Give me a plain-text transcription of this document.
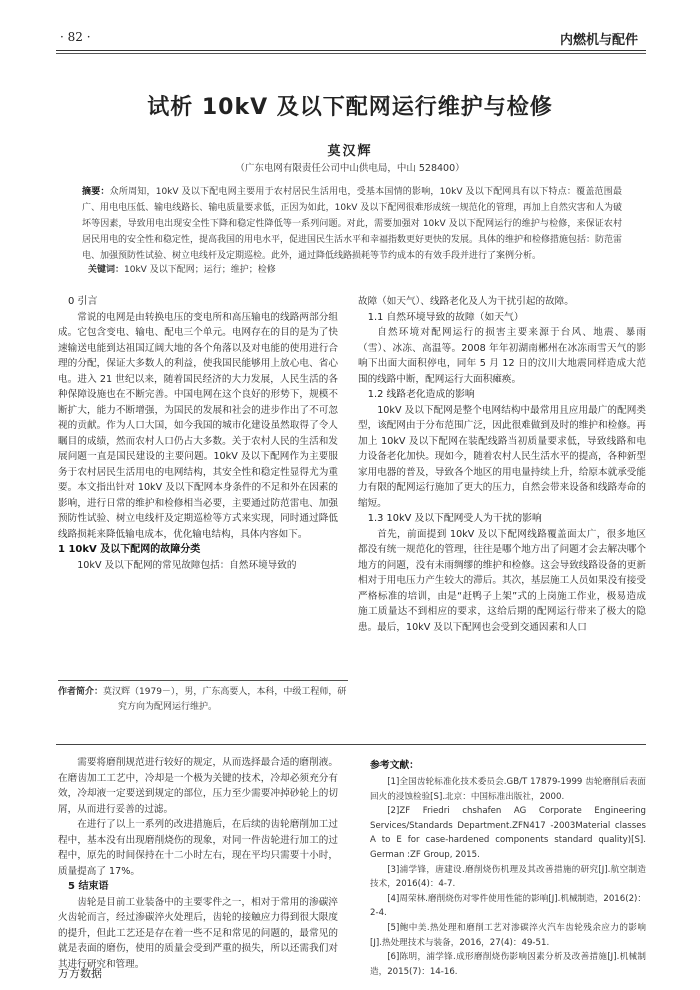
· 82 ·	内燃机与配件
试析 10kV 及以下配网运行维护与检修
莫汉辉
（广东电网有限责任公司中山供电局，中山 528400）
摘要：众所周知，10kV 及以下配电网主要用于农村居民生活用电，受基本国情的影响，10kV 及以下配网具有以下特点：覆盖范围最广、用电电压低、输电线路长、输电质量要求低，正因为如此，10kV 及以下配网很难形成统一规范化的管理，再加上自然灾害和人为破坏等因素，导致用电出现安全性下降和稳定性降低等一系列问题。对此，需要加强对 10kV 及以下配网运行的维护与检修，来保证农村居民用电的安全性和稳定性，提高我国的用电水平，促进国民生活水平和幸福指数更好更快的发展。具体的维护和检修措施包括：防范雷电、加强预防性试验、树立电线杆及定期巡检。此外，通过降低线路损耗等节约成本的有效手段并进行了案例分析。
关键词：10kV 及以下配网；运行；维护；检修

0 引言

常说的电网是由转换电压的变电所和高压输电的线路两部分组成。它包含变电、输电、配电三个单元。电网存在的目的是为了快速输送电能到达祖国辽阔大地的各个角落以及对电能的使用进行合理的分配，保证大多数人的利益，使我国民能够用上放心电、省心电。进入 21 世纪以来，随着国民经济的大力发展，人民生活的各种保障设施也在不断完善。中国电网在这个良好的形势下，规模不断扩大，能力不断增强，为国民的发展和社会的进步作出了不可忽视的贡献。作为人口大国，如今我国的城市化建设虽然取得了令人瞩目的成绩，然而农村人口仍占大多数。关于农村人民的生活和发展问题一直是国民建设的主要问题。10kV 及以下配网作为主要服务于农村居民生活用电的电网结构，其安全性和稳定性显得尤为重要。本文指出针对 10kV 及以下配网本身条件的不足和外在因素的影响，进行日常的维护和检修相当必要，主要通过防范雷电、加强预防性试验、树立电线杆及定期巡检等方式来实现，同时通过降低线路损耗来降低输电成本，优化输电结构，具体内容如下。

1 10kV 及以下配网的故障分类

10kV 及以下配网的常见故障包括：自然环境导致的

故障（如天气）、线路老化及人为干扰引起的故障。

1.1 自然环境导致的故障（如天气）

自然环境对配网运行的损害主要来源于台风、地震、暴雨（雪）、冰冻、高温等。2008 年年初湖南郴州在冰冻雨雪天气的影响下出面大面积停电，同年 5 月 12 日的汶川大地震同样造成大范围的线路中断，配网运行大面积瘫痪。

1.2 线路老化造成的影响

10kV 及以下配网是整个电网结构中最常用且应用最广的配网类型，该配网由于分布范围广泛，因此很难做到及时的维护和检修。再加上 10kV 及以下配网在装配线路当初质量要求低，导致线路和电力设备老化加快。现如今，随着农村人民生活水平的提高，各种新型家用电器的普及，导致各个地区的用电量持续上升，给原本就承受能力有限的配网运行施加了更大的压力，自然会带来设备和线路寿命的缩短。

1.3 10kV 及以下配网受人为干扰的影响

首先，前面提到 10kV 及以下配网线路覆盖面太广，很多地区都没有统一规范化的管理，往往是哪个地方出了问题才会去解决哪个地方的问题，没有未雨绸缪的维护和检修。这会导致线路设备的更新相对于用电压力产生较大的滞后。其次，基层施工人员如果没有接受严格标准的培训，由是“赶鸭子上架”式的上岗施工作业，极易造成施工质量达不到相应的要求，这给后期的配网运行带来了极大的隐患。最后，10kV 及以下配网也会受到交通因素和人口

作者简介：莫汉辉（1979－），男，广东高要人，本科，中级工程师，研
究方向为配网运行维护。

需要将磨削规范进行较好的规定，从而选择最合适的磨削液。在磨齿加工工艺中，冷却是一个极为关键的技术，冷却必须充分有效，冷却液一定要送到规定的部位，压力至少需要冲掉砂轮上的切屑，从而进行妥善的过滤。

在进行了以上一系列的改进措施后，在后续的齿轮磨削加工过程中，基本没有出现磨削烧伤的现象，对同一件齿轮进行加工的过程中，原先的时间保持在十二小时左右，现在平均只需要十小时，质量提高了 17%。

5 结束语

齿轮是目前工业装备中的主要零件之一，相对于常用的渗碳淬火齿轮而言，经过渗碳淬火处理后，齿轮的接触应力得到很大限度的提升，但此工艺还是存在着一些不足和常见的问题的，最常见的就是表面的磨伤，使用的质量会受到严重的损失，所以还需我们对其进行研究和管理。

参考文献：
[1]全国齿轮标准化技术委员会.GB/T 17879-1999 齿轮磨削后表面回火的浸蚀检验[S].北京：中国标准出版社，2000.
[2]ZF Friedri chshafen AG Corporate Engineering Services/Standards Department.ZFN417 -2003Material classes A to E for case-hardened components standard quality)[S]. German :ZF Group, 2015.
[3]浦学锋，唐建设.磨削烧伤机理及其改善措施的研究[J].航空制造技术，2016(4)：4-7.
[4]周荣林.磨削烧伤对零件使用性能的影响[J].机械制造，2016(2)：2-4.
[5]鲍中美.热处理和磨削工艺对渗碳淬火汽车齿轮残余应力的影响[J].热处理技术与装备，2016，27(4)：49-51.
[6]陈明，浦学锋.成形磨削烧伤影响因素分析及改善措施[J].机械制造，2015(7)：14-16.
万方数据
